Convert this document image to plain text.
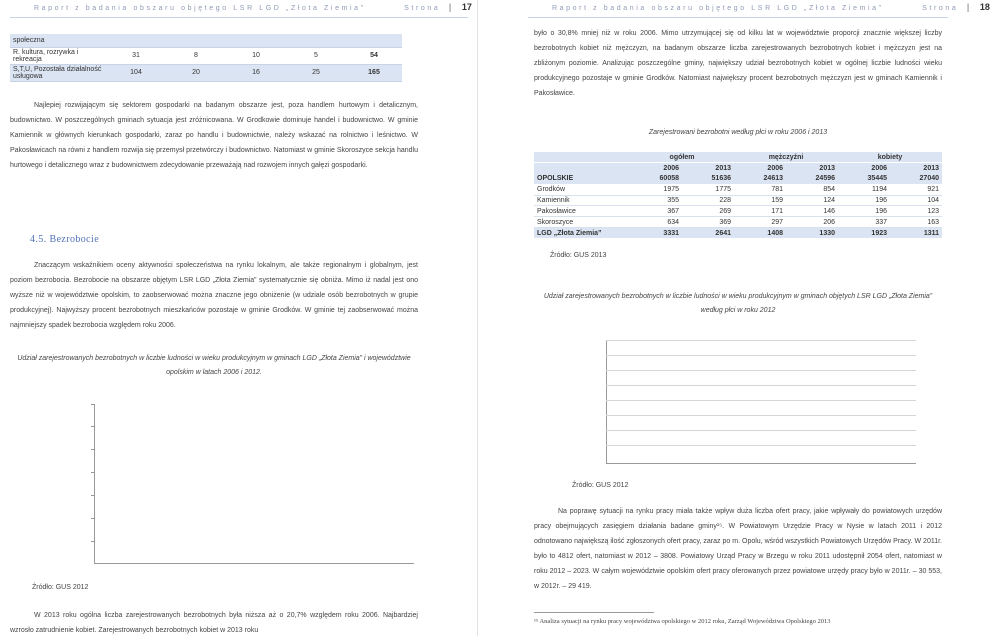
Raport z badania obszaru objętego LSR LGD „Złota Ziemia”	Strona | 17
społeczna					
R. kultura, rozrywka i rekreacja	31	8	10	5	54
S,T,U, Pozostała działalność usługowa	104	20	16	25	165

Najlepiej rozwijającym się sektorem gospodarki na badanym obszarze jest, poza handlem hurtowym i detalicznym, budownictwo. W poszczególnych gminach sytuacja jest zróżnicowana. W Grodkowie dominuje handel i budownictwo. W gminie Kamiennik w głównych kierunkach gospodarki, zaraz po handlu i budownictwie, należy wskazać na rolnictwo i leśnictwo. W Pakosławicach na równi z handlem rozwija się przemysł przetwórczy i budownictwo. Natomiast w gminie Skoroszyce sekcja handlu hurtowego i detalicznego wraz z budownictwem zdecydowanie przeważają nad rozwojem innych gałęzi gospodarki.

4.5. Bezrobocie

Znaczącym wskaźnikiem oceny aktywności społeczeństwa na rynku lokalnym, ale także regionalnym i globalnym, jest poziom bezrobocia. Bezrobocie na obszarze objętym LSR LGD „Złota Ziemia” systematycznie się obniża. Mimo iż nadal jest ono wyższe niż w województwie opolskim, to zaobserwować można znaczne jego obniżenie (w udziale osób bezrobotnych w grupie produkcyjnej). Najwyższy procent bezrobotnych mieszkańców pozostaje w gminie Grodków. W gminie tej zaobserwować można najmniejszy spadek bezrobocia względem roku 2006.

Udział zarejestrowanych bezrobotnych w liczbie ludności w wieku produkcyjnym w gminach LGD „Złota Ziemia” i województwie opolskim w latach 2006 i 2012.
Źródło: GUS 2012

W 2013 roku ogólna liczba zarejestrowanych bezrobotnych była niższa aż o 20,7% względem roku 2006. Najbardziej wzrosło zatrudnienie kobiet. Zarejestrowanych bezrobotnych kobiet w 2013 roku

Raport z badania obszaru objętego LSR LGD „Złota Ziemia”	Strona | 18

było o 30,8% mniej niż w roku 2006. Mimo utrzymującej się od kilku lat w województwie proporcji znacznie większej liczby bezrobotnych kobiet niż mężczyzn, na badanym obszarze liczba zarejestrowanych bezrobotnych kobiet i mężczyzn jest na zbliżonym poziomie. Analizując poszczególne gminy, największy udział bezrobotnych kobiet w ogólnej liczbie ludności wieku produkcyjnego pozostaje w gminie Grodków. Natomiast największy procent bezrobotnych mężczyzn jest w gminach Kamiennik i Pakosławice.

Zarejestrowani bezrobotni według płci w roku 2006 i 2013
	ogółem		mężczyźni		kobiety	
	2006	2013	2006	2013	2006	2013
OPOLSKIE	60058	51636	24613	24596	35445	27040
Grodków	1975	1775	781	854	1194	921
Kamiennik	355	228	159	124	196	104
Pakosławice	367	269	171	146	196	123
Skoroszyce	634	369	297	206	337	163
LGD „Złota Ziemia”	3331	2641	1408	1330	1923	1311
Źródło: GUS 2013
Udział zarejestrowanych bezrobotnych w liczbie ludności w wieku produkcyjnym w gminach objętych LSR LGD „Złota Ziemia” według płci w roku 2012
Źródło: GUS 2012

Na poprawę sytuacji na rynku pracy miała także wpływ duża liczba ofert pracy, jakie wpływały do powiatowych urzędów pracy obejmujących zasięgiem działania badane gminy¹⁵. W Powiatowym Urzędzie Pracy w Nysie w latach 2011 i 2012 odnotowano największą ilość zgłoszonych ofert pracy, zaraz po m. Opolu, wśród wszystkich Powiatowych Urzędów Pracy. W 2011r. było to 4812 ofert, natomiast w 2012 – 3808. Powiatowy Urząd Pracy w Brzegu w roku 2011 udostępnił 2054 ofert, natomiast w roku 2012 – 2023. W całym województwie opolskim ofert pracy oferowanych przez powiatowe urzędy pracy było w 2011r. – 30 553, w 2012r. – 29 419.

¹⁵ Analiza sytuacji na rynku pracy województwa opolskiego w 2012 roku, Zarząd Województwa Opolskiego 2013
